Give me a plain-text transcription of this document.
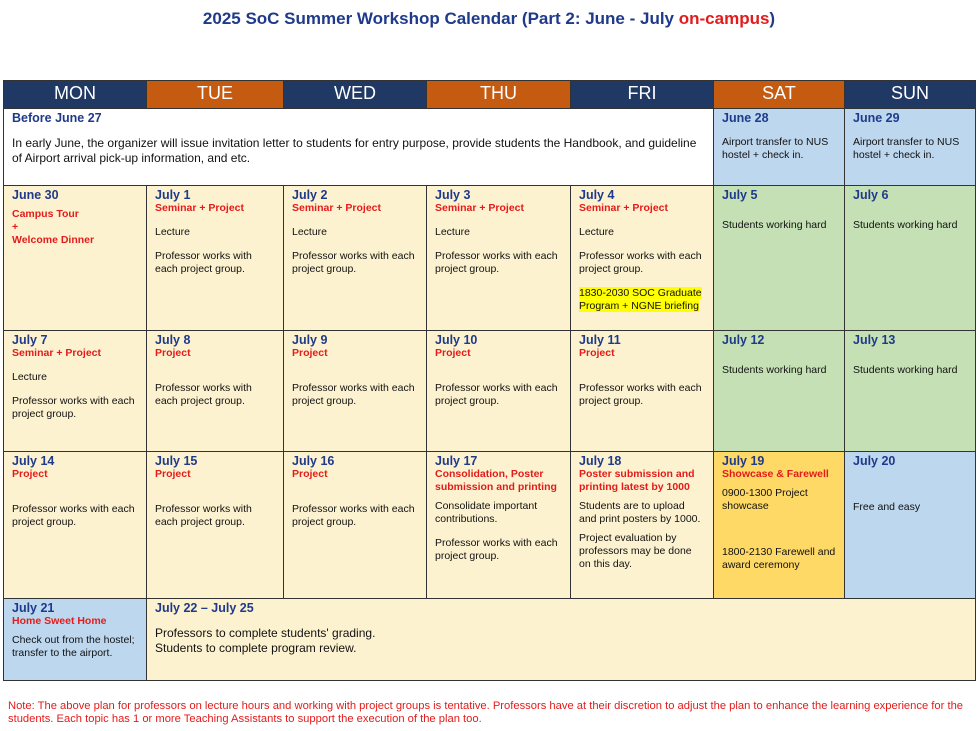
2025 SoC Summer Workshop Calendar (Part 2: June - July on-campus)
MON	TUE	WED	THU	FRI	SAT	SUN

Before June 27
In early June, the organizer will issue invitation letter to students for entry purpose, provide students the Handbook, and guideline of Airport arrival pick-up information, and etc.					June 28
Airport transfer to NUS hostel + check in.	June 29
Airport transfer to NUS hostel + check in.

June 30
Campus Tour
+
Welcome Dinner	July 1
Seminar + Project
Lecture
Professor works with each project group.	July 2
Seminar + Project
Lecture
Professor works with each project group.	July 3
Seminar + Project
Lecture
Professor works with each project group.	July 4
Seminar + Project
Lecture
Professor works with each project group.
1830-2030 SOC Graduate Program + NGNE briefing	July 5
Students working hard	July 6
Students working hard

July 7
Seminar + Project
Lecture
Professor works with each project group.	July 8
Project
Professor works with each project group.	July 9
Project
Professor works with each project group.	July 10
Project
Professor works with each project group.	July 11
Project
Professor works with each project group.	July 12
Students working hard	July 13
Students working hard

July 14
Project
Professor works with each project group.	July 15
Project
Professor works with each project group.	July 16
Project
Professor works with each project group.	July 17
Consolidation, Poster submission and printing
Consolidate important contributions.
Professor works with each project group.	July 18
Poster submission and printing latest by 1000
Students are to upload and print posters by 1000.
Project evaluation by professors may be done on this day.	July 19
Showcase & Farewell
0900-1300 Project showcase
1800-2130 Farewell and award ceremony	July 20
Free and easy

July 21
Home Sweet Home
Check out from the hostel; transfer to the airport.	July 22 – July 25
Professors to complete students' grading.
Students to complete program review.					
Note: The above plan for professors on lecture hours and working with project groups is tentative. Professors have at their discretion to adjust the plan to enhance the learning experience for the students. Each topic has 1 or more Teaching Assistants to support the execution of the plan too.
